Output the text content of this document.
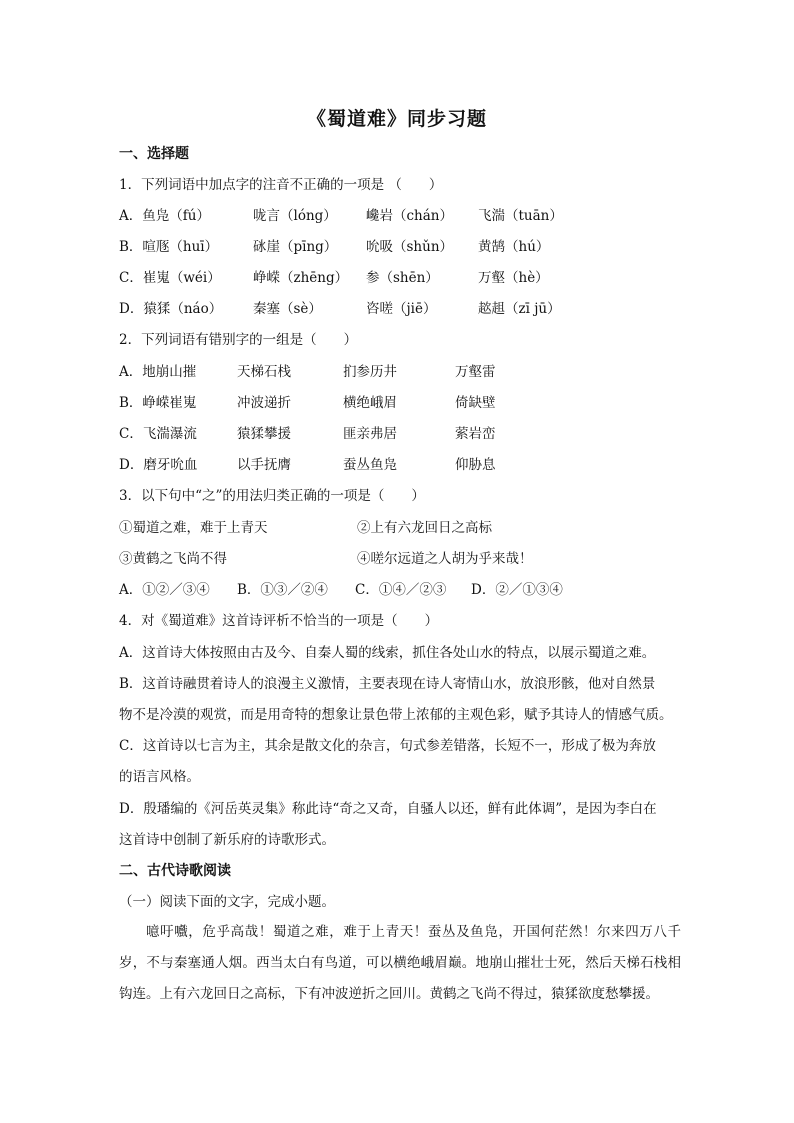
《蜀道难》同步习题
一、选择题
1．下列词语中加点字的注音不正确的一项是 （　　）
A．鱼凫（fú）	咙言（lóng） 巉岩（chán） 飞湍（tuān）
B．喧豗（huī）	砯崖（pīng） 吮吸（shǔn） 黄鹄（hú）
C．崔嵬（wéi） 峥嵘（zhēng） 参（shēn）	万壑（hè）
D．猿猱（náo） 秦塞（sè）	咨嗟（jiē）	趑趄（zī jū）
2．下列词语有错别字的一组是（　　）
A．地崩山摧	天梯石栈	扪参历井	万壑雷
B．峥嵘崔嵬	冲波递折	横绝峨眉	倚缺壁
C．飞湍瀑流	猿猱攀援	匪亲弗居	萦岩峦
D．磨牙吮血	以手抚膺	蚕丛鱼凫	仰胁息
3．以下句中“之”的用法归类正确的一项是（　　）
①蜀道之难，难于上青天	②上有六龙回日之高标
③黄鹤之飞尚不得	④嗟尔远道之人胡为乎来哉！
A．①②／③④ B．①③／②④ C．①④／②③ D．②／①③④
4．对《蜀道难》这首诗评析不恰当的一项是（　　）
A．这首诗大体按照由古及今、自秦人蜀的线索，抓住各处山水的特点，以展示蜀道之难。
B．这首诗融贯着诗人的浪漫主义激情，主要表现在诗人寄情山水，放浪形骸，他对自然景
物不是冷漠的观赏，而是用奇特的想象让景色带上浓郁的主观色彩，赋予其诗人的情感气质。
C．这首诗以七言为主，其余是散文化的杂言，句式参差错落，长短不一，形成了极为奔放
的语言风格。
D．殷璠编的《河岳英灵集》称此诗“奇之又奇，自骚人以还，鲜有此体调”，是因为李白在
这首诗中创制了新乐府的诗歌形式。
二、古代诗歌阅读
（一）阅读下面的文字，完成小题。
噫吁嚱，危乎高哉！蜀道之难，难于上青天！蚕丛及鱼凫，开国何茫然！尔来四万八千岁，不与秦塞通人烟。西当太白有鸟道，可以横绝峨眉巅。地崩山摧壮士死，然后天梯石栈相钩连。上有六龙回日之高标，下有冲波逆折之回川。黄鹤之飞尚不得过，猿猱欲度愁攀援。
